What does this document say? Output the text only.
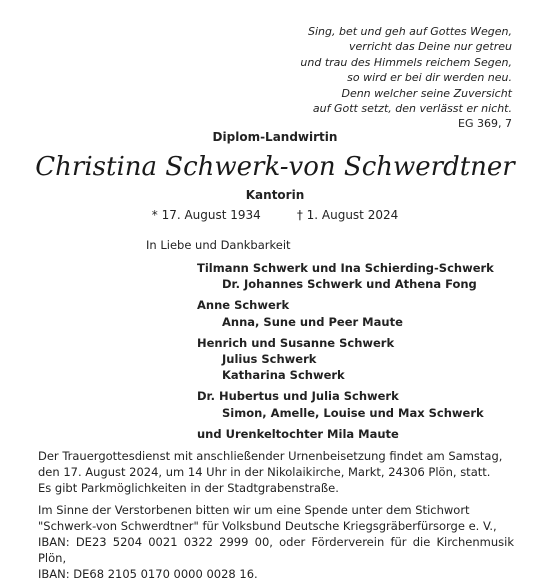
Sing, bet und geh auf Gottes Wegen,
verricht das Deine nur getreu
und trau des Himmels reichem Segen,
so wird er bei dir werden neu.
Denn welcher seine Zuversicht
auf Gott setzt, den verlässt er nicht.
EG 369, 7
Diplom-Landwirtin
Christina Schwerk-von Schwerdtner
Kantorin
* 17. August 1934	† 1. August 2024
In Liebe und Dankbarkeit
Tilmann Schwerk und Ina Schierding-Schwerk
Dr. Johannes Schwerk und Athena Fong
Anne Schwerk
Anna, Sune und Peer Maute
Henrich und Susanne Schwerk
Julius Schwerk
Katharina Schwerk
Dr. Hubertus und Julia Schwerk
Simon, Amelle, Louise und Max Schwerk
und Urenkeltochter Mila Maute

Der Trauergottesdienst mit anschließender Urnenbeisetzung findet am Samstag,
den 17. August 2024, um 14 Uhr in der Nikolaikirche, Markt, 24306 Plön, statt.
Es gibt Parkmöglichkeiten in der Stadtgrabenstraße.

Im Sinne der Verstorbenen bitten wir um eine Spende unter dem Stichwort
"Schwerk-von Schwerdtner" für Volksbund Deutsche Kriegsgräberfürsorge e. V.,
IBAN: DE23 5204 0021 0322 2999 00, oder Förderverein für die Kirchenmusik Plön,
IBAN: DE68 2105 0170 0000 0028 16.
